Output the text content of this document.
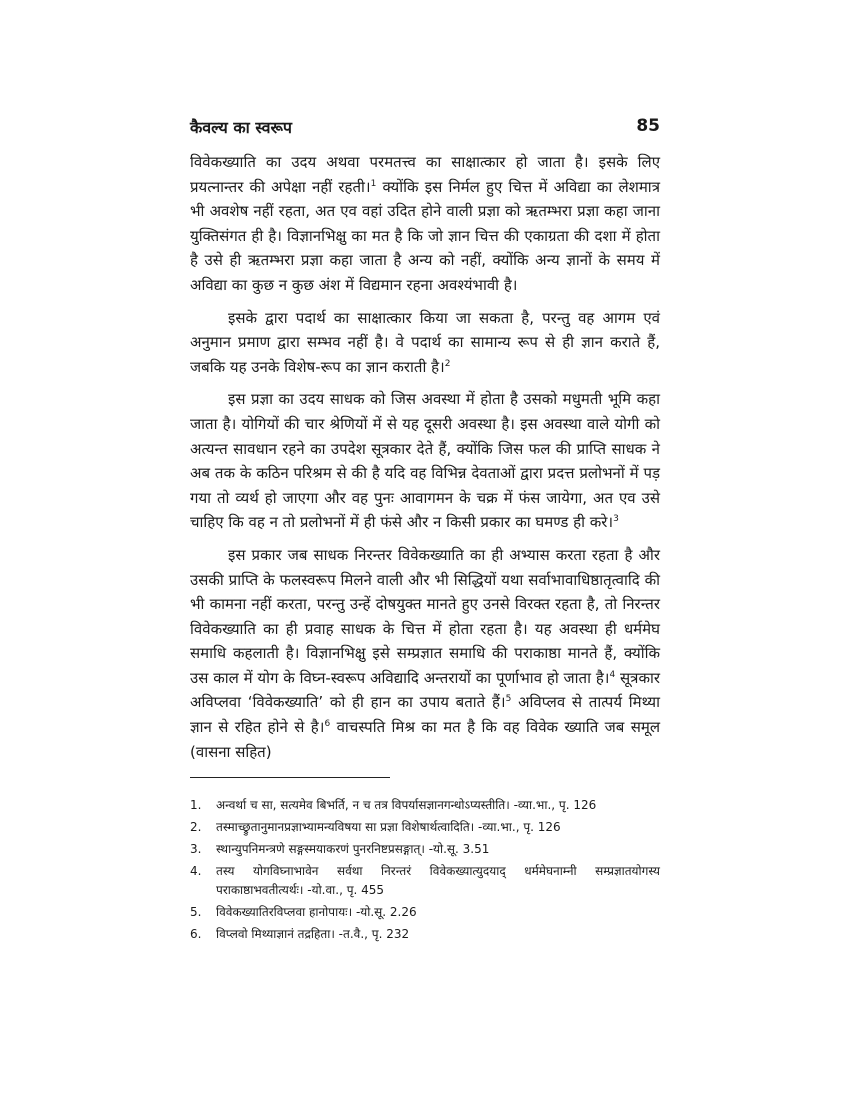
कैवल्य का स्वरूप	85

विवेकख्याति का उदय अथवा परमतत्त्व का साक्षात्कार हो जाता है। इसके लिए प्रयत्नान्तर की अपेक्षा नहीं रहती।$^1$ क्योंकि इस निर्मल हुए चित्त में अविद्या का लेशमात्र भी अवशेष नहीं रहता, अत एव वहां उदित होने वाली प्रज्ञा को ऋतम्भरा प्रज्ञा कहा जाना युक्तिसंगत ही है। विज्ञानभिक्षु का मत है कि जो ज्ञान चित्त की एकाग्रता की दशा में होता है उसे ही ऋतम्भरा प्रज्ञा कहा जाता है अन्य को नहीं, क्योंकि अन्य ज्ञानों के समय में अविद्या का कुछ न कुछ अंश में विद्यमान रहना अवश्यंभावी है।

इसके द्वारा पदार्थ का साक्षात्कार किया जा सकता है, परन्तु वह आगम एवं अनुमान प्रमाण द्वारा सम्भव नहीं है। वे पदार्थ का सामान्य रूप से ही ज्ञान कराते हैं, जबकि यह उनके विशेष-रूप का ज्ञान कराती है।$^2$

इस प्रज्ञा का उदय साधक को जिस अवस्था में होता है उसको मधुमती भूमि कहा जाता है। योगियों की चार श्रेणियों में से यह दूसरी अवस्था है। इस अवस्था वाले योगी को अत्यन्त सावधान रहने का उपदेश सूत्रकार देते हैं, क्योंकि जिस फल की प्राप्ति साधक ने अब तक के कठिन परिश्रम से की है यदि वह विभिन्न देवताओं द्वारा प्रदत्त प्रलोभनों में पड़ गया तो व्यर्थ हो जाएगा और वह पुनः आवागमन के चक्र में फंस जायेगा, अत एव उसे चाहिए कि वह न तो प्रलोभनों में ही फंसे और न किसी प्रकार का घमण्ड ही करे।$^3$

इस प्रकार जब साधक निरन्तर विवेकख्याति का ही अभ्यास करता रहता है और उसकी प्राप्ति के फलस्वरूप मिलने वाली और भी सिद्धियों यथा सर्वाभावाधिष्ठातृत्वादि की भी कामना नहीं करता, परन्तु उन्हें दोषयुक्त मानते हुए उनसे विरक्त रहता है, तो निरन्तर विवेकख्याति का ही प्रवाह साधक के चित्त में होता रहता है। यह अवस्था ही धर्ममेघ समाधि कहलाती है। विज्ञानभिक्षु इसे सम्प्रज्ञात समाधि की पराकाष्ठा मानते हैं, क्योंकि उस काल में योग के विघ्न-स्वरूप अविद्यादि अन्तरायों का पूर्णाभाव हो जाता है।$^4$ सूत्रकार अविप्लवा ‘विवेकख्याति’ को ही हान का उपाय बताते हैं।$^5$ अविप्लव से तात्पर्य मिथ्या ज्ञान से रहित होने से है।$^6$ वाचस्पति मिश्र का मत है कि वह विवेक ख्याति जब समूल (वासना सहित)

1. अन्वर्था च सा, सत्यमेव बिभर्ति, न च तत्र विपर्यासज्ञानगन्धोऽप्यस्तीति। -व्या.भा., पृ. 126
2. तस्माच्छ्रुतानुमानप्रज्ञाभ्यामन्यविषया सा प्रज्ञा विशेषार्थत्वादिति। -व्या.भा., पृ. 126
3. स्थान्युपनिमन्त्रणे सङ्गस्मयाकरणं पुनरनिष्टप्रसङ्गात्। -यो.सू. 3.51
4. तस्य योगविघ्नाभावेन सर्वथा निरन्तरं विवेकख्यात्युदयाद् धर्ममेघनाम्नी सम्प्रज्ञातयोगस्य पराकाष्ठाभवतीत्यर्थः। -यो.वा., पृ. 455
5. विवेकख्यातिरविप्लवा हानोपायः। -यो.सू. 2.26
6. विप्लवो मिथ्याज्ञानं तद्रहिता। -त.वै., पृ. 232
